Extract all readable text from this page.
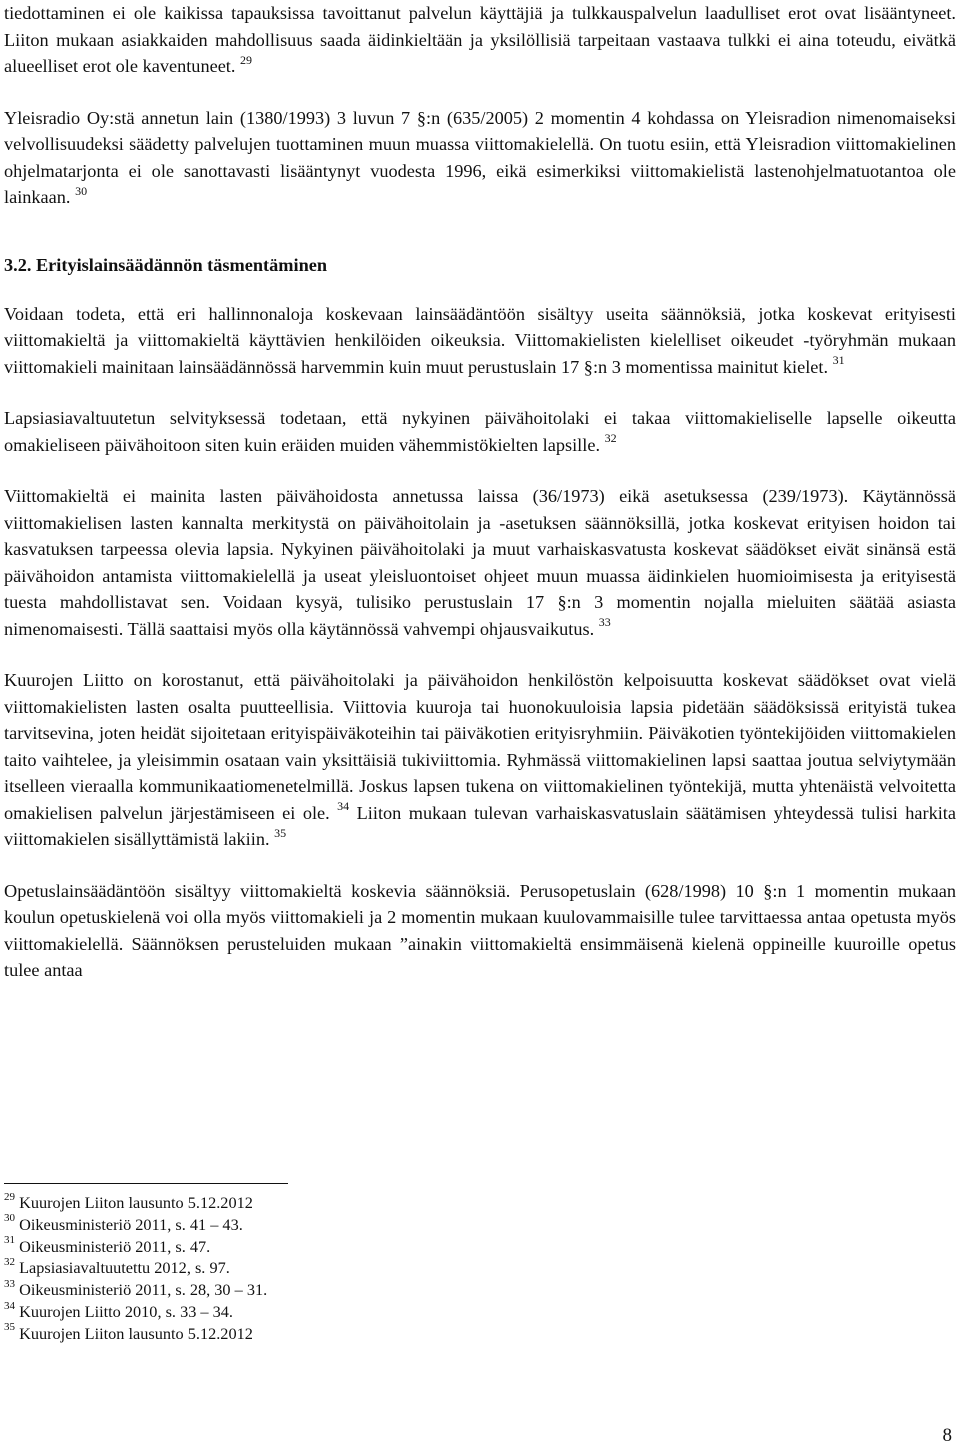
tiedottaminen ei ole kaikissa tapauksissa tavoittanut palvelun käyttäjiä ja tulkkauspalvelun laadulliset erot ovat lisääntyneet. Liiton mukaan asiakkaiden mahdollisuus saada äidinkieltään ja yksilöllisiä tarpeitaan vastaava tulkki ei aina toteudu, eivätkä alueelliset erot ole kaventuneet. $^{29}$

Yleisradio Oy:stä annetun lain (1380/1993) 3 luvun 7 §:n (635/2005) 2 momentin 4 kohdassa on Yleisradion nimenomaiseksi velvollisuudeksi säädetty palvelujen tuottaminen muun muassa viittomakielellä. On tuotu esiin, että Yleisradion viittomakielinen ohjelmatarjonta ei ole sanottavasti lisääntynyt vuodesta 1996, eikä esimerkiksi viittomakielistä lastenohjelmatuotantoa ole lainkaan. $^{30}$

3.2. Erityislainsäädännön täsmentäminen

Voidaan todeta, että eri hallinnonaloja koskevaan lainsäädäntöön sisältyy useita säännöksiä, jotka koskevat erityisesti viittomakieltä ja viittomakieltä käyttävien henkilöiden oikeuksia. Viittomakielisten kielelliset oikeudet -työryhmän mukaan viittomakieli mainitaan lainsäädännössä harvemmin kuin muut perustuslain 17 §:n 3 momentissa mainitut kielet. $^{31}$

Lapsiasiavaltuutetun selvityksessä todetaan, että nykyinen päivähoitolaki ei takaa viittomakieliselle lapselle oikeutta omakieliseen päivähoitoon siten kuin eräiden muiden vähemmistökielten lapsille. $^{32}$

Viittomakieltä ei mainita lasten päivähoidosta annetussa laissa (36/1973) eikä asetuksessa (239/1973). Käytännössä viittomakielisen lasten kannalta merkitystä on päivähoitolain ja -asetuksen säännöksillä, jotka koskevat erityisen hoidon tai kasvatuksen tarpeessa olevia lapsia. Nykyinen päivähoitolaki ja muut varhaiskasvatusta koskevat säädökset eivät sinänsä estä päivähoidon antamista viittomakielellä ja useat yleisluontoiset ohjeet muun muassa äidinkielen huomioimisesta ja erityisestä tuesta mahdollistavat sen. Voidaan kysyä, tulisiko perustuslain 17 §:n 3 momentin nojalla mieluiten säätää asiasta nimenomaisesti. Tällä saattaisi myös olla käytännössä vahvempi ohjausvaikutus. $^{33}$

Kuurojen Liitto on korostanut, että päivähoitolaki ja päivähoidon henkilöstön kelpoisuutta koskevat säädökset ovat vielä viittomakielisten lasten osalta puutteellisia. Viittovia kuuroja tai huonokuuloisia lapsia pidetään säädöksissä erityistä tukea tarvitsevina, joten heidät sijoitetaan erityispäiväkoteihin tai päiväkotien erityisryhmiin. Päiväkotien työntekijöiden viittomakielen taito vaihtelee, ja yleisimmin osataan vain yksittäisiä tukiviittomia. Ryhmässä viittomakielinen lapsi saattaa joutua selviytymään itselleen vieraalla kommunikaatiomenetelmillä. Joskus lapsen tukena on viittomakielinen työntekijä, mutta yhtenäistä velvoitetta omakielisen palvelun järjestämiseen ei ole. $^{34}$ Liiton mukaan tulevan varhaiskasvatuslain säätämisen yhteydessä tulisi harkita viittomakielen sisällyttämistä lakiin. $^{35}$

Opetuslainsäädäntöön sisältyy viittomakieltä koskevia säännöksiä. Perusopetuslain (628/1998) 10 §:n 1 momentin mukaan koulun opetuskielenä voi olla myös viittomakieli ja 2 momentin mukaan kuulovammaisille tulee tarvittaessa antaa opetusta myös viittomakielellä. Säännöksen perusteluiden mukaan ”ainakin viittomakieltä ensimmäisenä kielenä oppineille kuuroille opetus tulee antaa

$^{29}$ Kuurojen Liiton lausunto 5.12.2012

$^{30}$ Oikeusministeriö 2011, s. 41 – 43.

$^{31}$ Oikeusministeriö 2011, s. 47.

$^{32}$ Lapsiasiavaltuutettu 2012, s. 97.

$^{33}$ Oikeusministeriö 2011, s. 28, 30 – 31.

$^{34}$ Kuurojen Liitto 2010, s. 33 – 34.

$^{35}$ Kuurojen Liiton lausunto 5.12.2012

8
